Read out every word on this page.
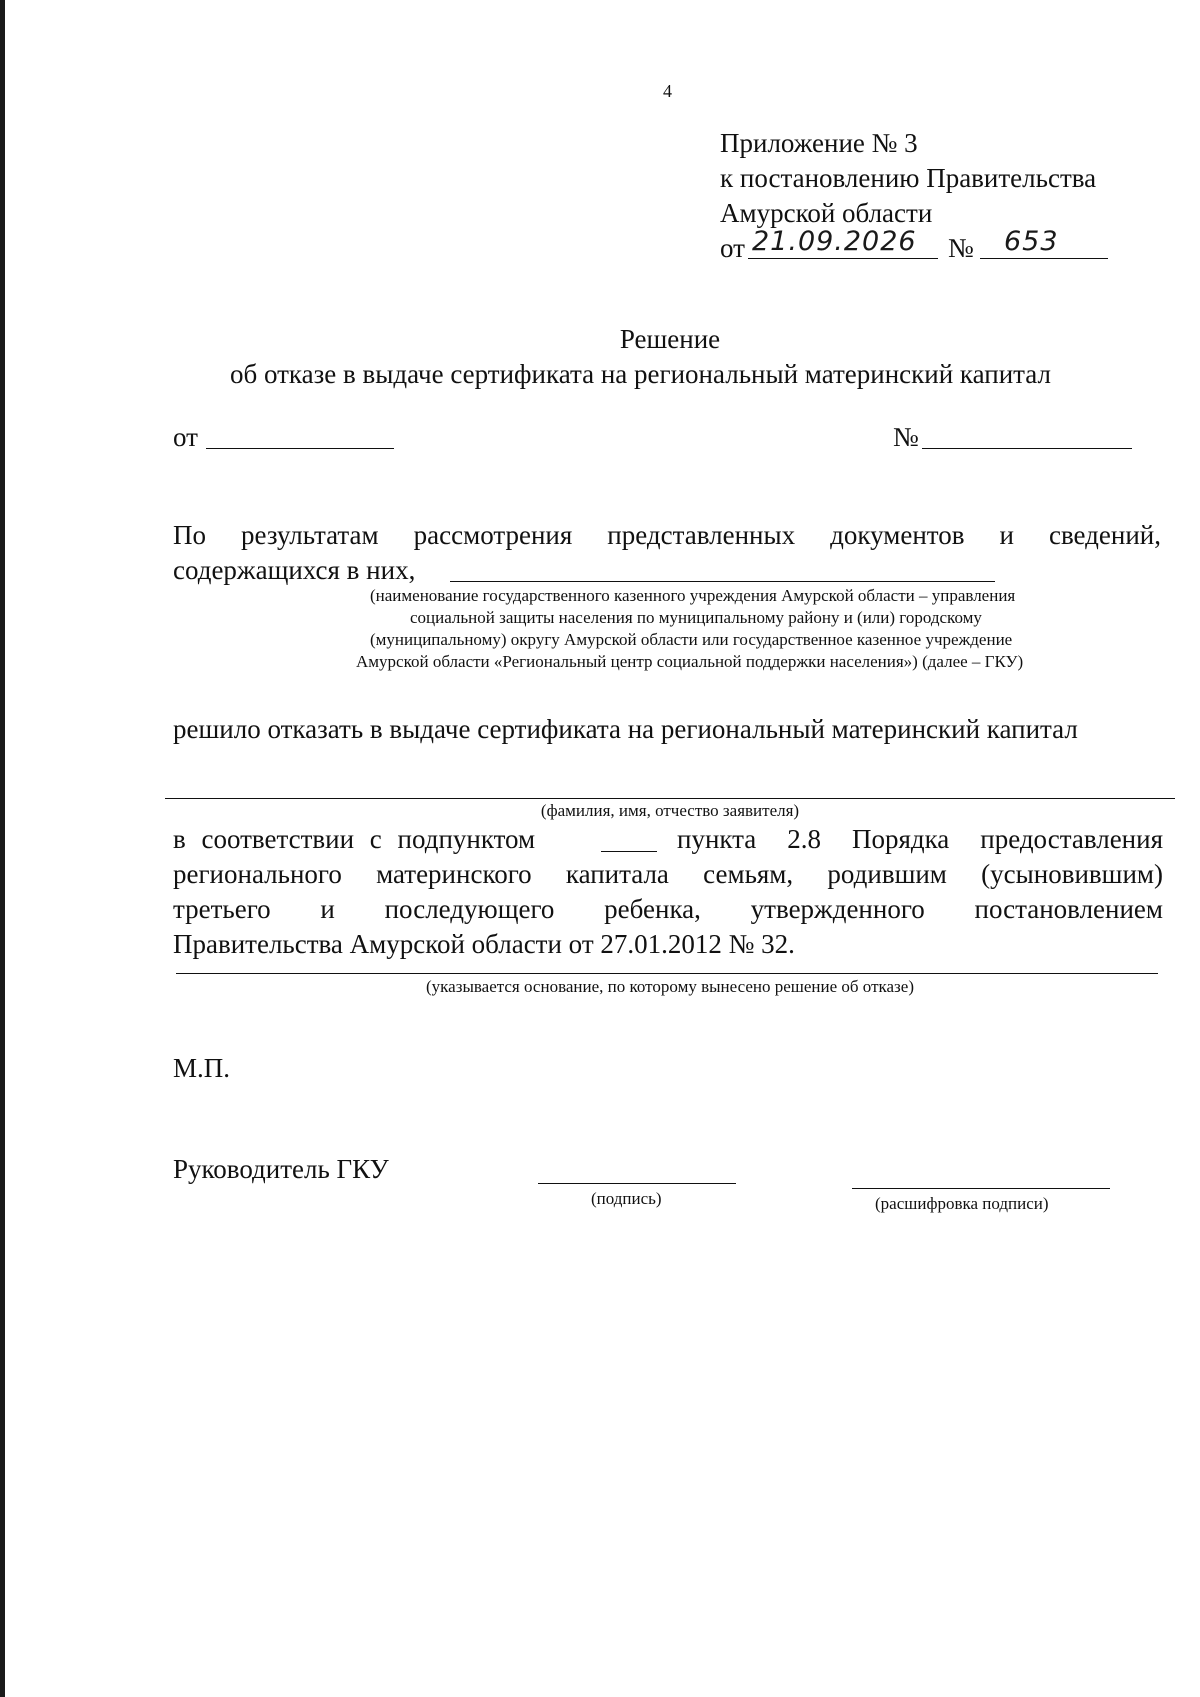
4
Приложение № 3
к постановлению Правительства
Амурской области
от 21.09.2026 № 653
Решение
об отказе в выдаче сертификата на региональный материнский капитал
от	№
По результатам рассмотрения представленных документов и сведений,
содержащихся в них,
(наименование государственного казенного учреждения Амурской области – управления
социальной защиты населения по муниципальному району и (или) городскому
(муниципальному) округу Амурской области или государственное казенное учреждение
Амурской области «Региональный центр социальной поддержки населения») (далее – ГКУ)
решило отказать в выдаче сертификата на региональный материнский капитал
(фамилия, имя, отчество заявителя)
в соответствии с подпунктом	пункта 2.8 Порядка предоставления
регионального материнского капитала семьям, родившим (усыновившим)
третьего и последующего ребенка, утвержденного постановлением
Правительства Амурской области от 27.01.2012 № 32.
(указывается основание, по которому вынесено решение об отказе)
М.П.
Руководитель ГКУ
(подпись)	(расшифровка подписи)
